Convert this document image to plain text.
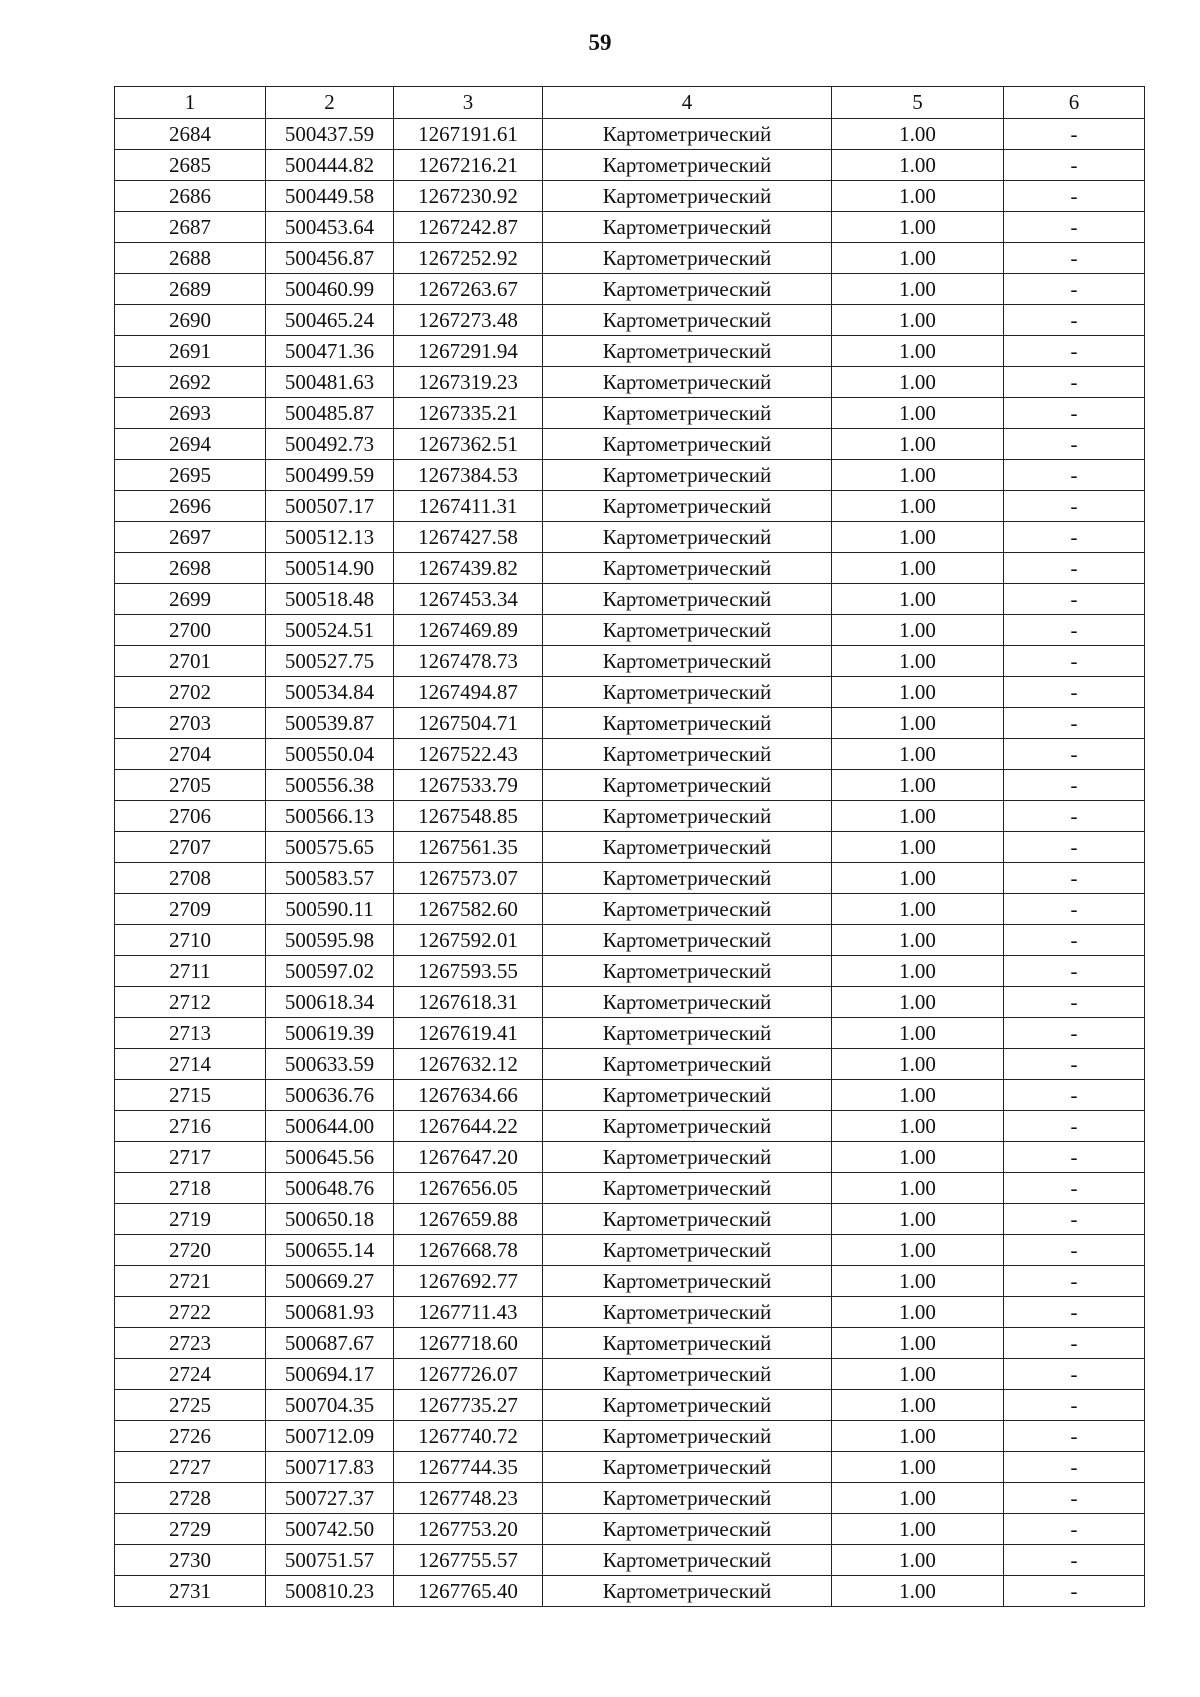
59
1	2	3	4	5	6
2684	500437.59	1267191.61	Картометрический	1.00	-
2685	500444.82	1267216.21	Картометрический	1.00	-
2686	500449.58	1267230.92	Картометрический	1.00	-
2687	500453.64	1267242.87	Картометрический	1.00	-
2688	500456.87	1267252.92	Картометрический	1.00	-
2689	500460.99	1267263.67	Картометрический	1.00	-
2690	500465.24	1267273.48	Картометрический	1.00	-
2691	500471.36	1267291.94	Картометрический	1.00	-
2692	500481.63	1267319.23	Картометрический	1.00	-
2693	500485.87	1267335.21	Картометрический	1.00	-
2694	500492.73	1267362.51	Картометрический	1.00	-
2695	500499.59	1267384.53	Картометрический	1.00	-
2696	500507.17	1267411.31	Картометрический	1.00	-
2697	500512.13	1267427.58	Картометрический	1.00	-
2698	500514.90	1267439.82	Картометрический	1.00	-
2699	500518.48	1267453.34	Картометрический	1.00	-
2700	500524.51	1267469.89	Картометрический	1.00	-
2701	500527.75	1267478.73	Картометрический	1.00	-
2702	500534.84	1267494.87	Картометрический	1.00	-
2703	500539.87	1267504.71	Картометрический	1.00	-
2704	500550.04	1267522.43	Картометрический	1.00	-
2705	500556.38	1267533.79	Картометрический	1.00	-
2706	500566.13	1267548.85	Картометрический	1.00	-
2707	500575.65	1267561.35	Картометрический	1.00	-
2708	500583.57	1267573.07	Картометрический	1.00	-
2709	500590.11	1267582.60	Картометрический	1.00	-
2710	500595.98	1267592.01	Картометрический	1.00	-
2711	500597.02	1267593.55	Картометрический	1.00	-
2712	500618.34	1267618.31	Картометрический	1.00	-
2713	500619.39	1267619.41	Картометрический	1.00	-
2714	500633.59	1267632.12	Картометрический	1.00	-
2715	500636.76	1267634.66	Картометрический	1.00	-
2716	500644.00	1267644.22	Картометрический	1.00	-
2717	500645.56	1267647.20	Картометрический	1.00	-
2718	500648.76	1267656.05	Картометрический	1.00	-
2719	500650.18	1267659.88	Картометрический	1.00	-
2720	500655.14	1267668.78	Картометрический	1.00	-
2721	500669.27	1267692.77	Картометрический	1.00	-
2722	500681.93	1267711.43	Картометрический	1.00	-
2723	500687.67	1267718.60	Картометрический	1.00	-
2724	500694.17	1267726.07	Картометрический	1.00	-
2725	500704.35	1267735.27	Картометрический	1.00	-
2726	500712.09	1267740.72	Картометрический	1.00	-
2727	500717.83	1267744.35	Картометрический	1.00	-
2728	500727.37	1267748.23	Картометрический	1.00	-
2729	500742.50	1267753.20	Картометрический	1.00	-
2730	500751.57	1267755.57	Картометрический	1.00	-
2731	500810.23	1267765.40	Картометрический	1.00	-
